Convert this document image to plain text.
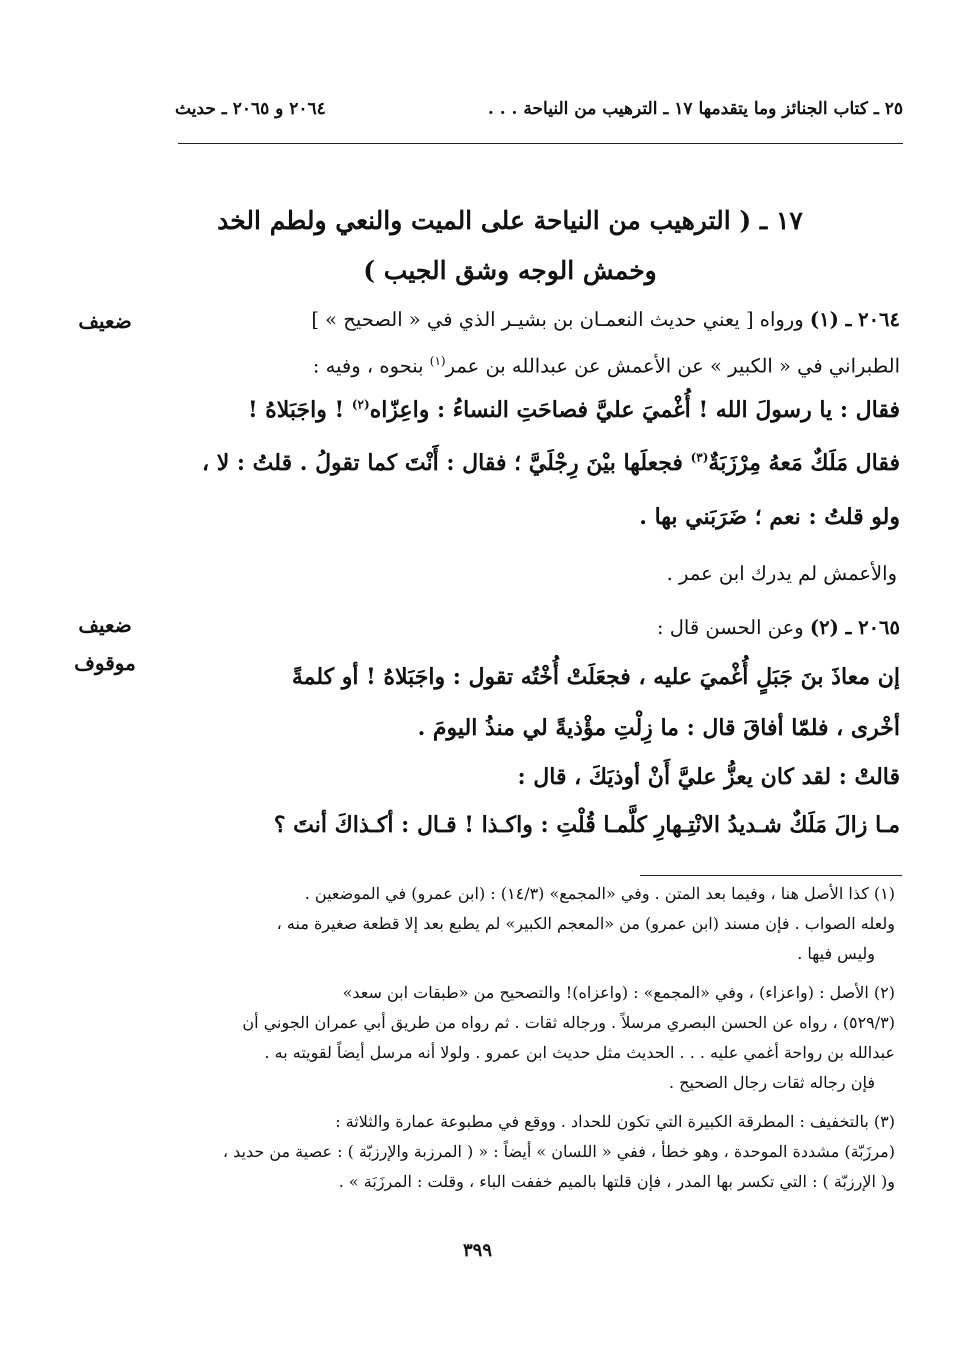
٢٥ ـ كتاب الجنائز وما يتقدمها ١٧ ـ الترهيب من النياحة . . .
٢٠٦٤ و ٢٠٦٥ ـ حديث
١٧ ـ ( الترهيب من النياحة على الميت والنعي ولطم الخد
وخمش الوجه وشق الجيب )
ضعيف	٢٠٦٤ ـ (١) ورواه [ يعني حديث النعمـان بن بشيـر الذي في « الصحيح » ]
الطبراني في « الكبير » عن الأعمش عن عبدالله بن عمر$^{(١)}$ بنحوه ، وفيه :
فقال : يا رسولَ الله ! أُغْميَ عليَّ فصاحَتِ النساءُ : واعِزّاه$^{(٢)}$ ! واجَبَلاهُ !
فقال مَلَكٌ مَعهُ مِرْزَبَةٌ$^{(٣)}$ فجعلَها بيْنَ رِجْلَيَّ ؛ فقال : أَنْتَ كما تقولُ . قلتُ : لا ،
ولو قلتُ : نعم ؛ ضَرَبَني بها .
والأعمش لم يدرك ابن عمر .
ضعيف
موقوف
٢٠٦٥ ـ (٢) وعن الحسن قال :
إن معاذَ بنَ جَبَلٍ أُغْميَ عليه ، فجعَلَتْ أُخْتُه تقول : واجَبَلاهُ ! أو كلمةً
أخْرى ، فلمّا أفاقَ قال : ما زِلْتِ مؤْذيةً لي منذُ اليومَ .
قالتْ : لقد كان يعزُّ عليَّ أَنْ أوذيَكَ ، قال :
مـا زالَ مَلَكٌ شـديدُ الانْتِـهارِ كلَّمـا قُلْتِ : واكـذا ! قـال : أكـذاكَ أنتَ ؟
(١) كذا الأصل هنا ، وفيما بعد المتن . وفي «المجمع» (١٤/٣) : (ابن عمرو) في الموضعين .
ولعله الصواب . فإن مسند (ابن عمرو) من «المعجم الكبير» لم يطبع بعد إلا قطعة صغيرة منه ،
وليس فيها .
(٢) الأصل : (واعزاء) ، وفي «المجمع» : (واعزاه)! والتصحيح من «طبقات ابن سعد»
(٥٢٩/٣) ، رواه عن الحسن البصري مرسلاً . ورجاله ثقات . ثم رواه من طريق أبي عمران الجوني أن
عبدالله بن رواحة أغمي عليه . . . الحديث مثل حديث ابن عمرو . ولولا أنه مرسل أيضاً لقويته به .
فإن رجاله ثقات رجال الصحيح .
(٣) بالتخفيف : المطرقة الكبيرة التي تكون للحداد . ووقع في مطبوعة عمارة والثلاثة :
(مرزَبّة) مشددة الموحدة ، وهو خطأ ، ففي « اللسان » أيضاً : « ( المرزبة والإرزبّة ) : عصية من حديد ،
و( الإرزبّة ) : التي تكسر بها المدر ، فإن قلتها بالميم خففت الباء ، وقلت : المرزَبَة » .
٣٩٩
